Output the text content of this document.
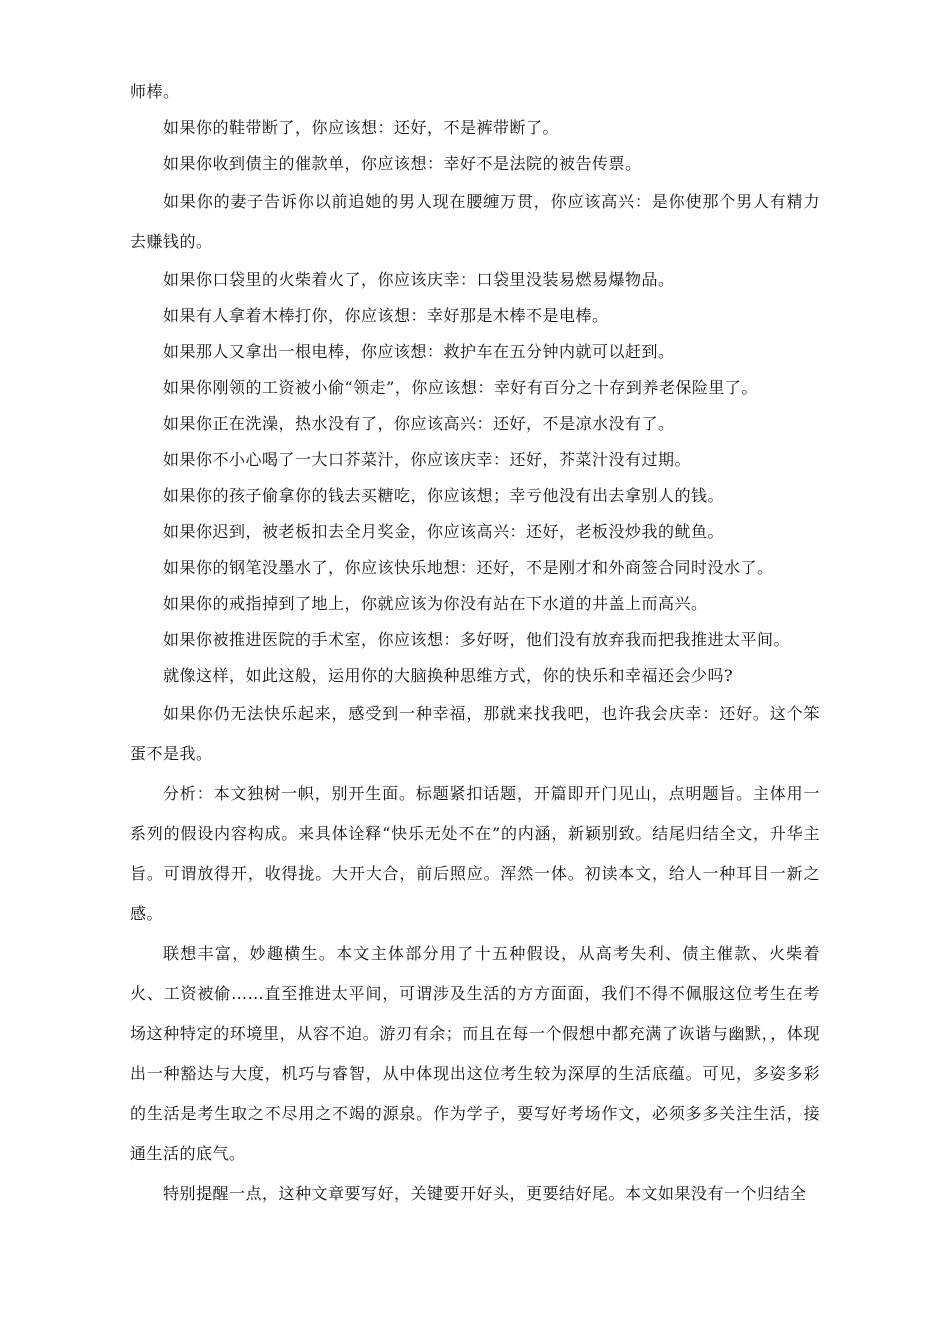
师棒。

如果你的鞋带断了，你应该想：还好，不是裤带断了。

如果你收到债主的催款单，你应该想：幸好不是法院的被告传票。

如果你的妻子告诉你以前追她的男人现在腰缠万贯，你应该高兴：是你使那个男人有精力去赚钱的。

如果你口袋里的火柴着火了，你应该庆幸：口袋里没装易燃易爆物品。

如果有人拿着木棒打你，你应该想：幸好那是木棒不是电棒。

如果那人又拿出一根电棒，你应该想：救护车在五分钟内就可以赶到。

如果你刚领的工资被小偷“领走”，你应该想：幸好有百分之十存到养老保险里了。

如果你正在洗澡，热水没有了，你应该高兴：还好，不是凉水没有了。

如果你不小心喝了一大口芥菜汁，你应该庆幸：还好，芥菜汁没有过期。

如果你的孩子偷拿你的钱去买糖吃，你应该想；幸亏他没有出去拿别人的钱。

如果你迟到，被老板扣去全月奖金，你应该高兴：还好，老板没炒我的鱿鱼。

如果你的钢笔没墨水了，你应该快乐地想：还好，不是刚才和外商签合同时没水了。

如果你的戒指掉到了地上，你就应该为你没有站在下水道的井盖上而高兴。

如果你被推进医院的手术室，你应该想：多好呀，他们没有放弃我而把我推进太平间。

就像这样，如此这般，运用你的大脑换种思维方式，你的快乐和幸福还会少吗?

如果你仍无法快乐起来，感受到一种幸福，那就来找我吧，也许我会庆幸：还好。这个笨蛋不是我。

分析：本文独树一帜，别开生面。标题紧扣话题，开篇即开门见山，点明题旨。主体用一系列的假设内容构成。来具体诠释“快乐无处不在”的内涵，新颖别致。结尾归结全文，升华主旨。可谓放得开，收得拢。大开大合，前后照应。浑然一体。初读本文，给人一种耳目一新之感。

联想丰富，妙趣横生。本文主体部分用了十五种假设，从高考失利、债主催款、火柴着火、工资被偷……直至推进太平间，可谓涉及生活的方方面面，我们不得不佩服这位考生在考场这种特定的环境里，从容不迫。游刃有余；而且在每一个假想中都充满了诙谐与幽默，，体现出一种豁达与大度，机巧与睿智，从中体现出这位考生较为深厚的生活底蕴。可见，多姿多彩的生活是考生取之不尽用之不竭的源泉。作为学子，要写好考场作文，必须多多关注生活，接通生活的底气。

特别提醒一点，这种文章要写好，关键要开好头，更要结好尾。本文如果没有一个归结全
